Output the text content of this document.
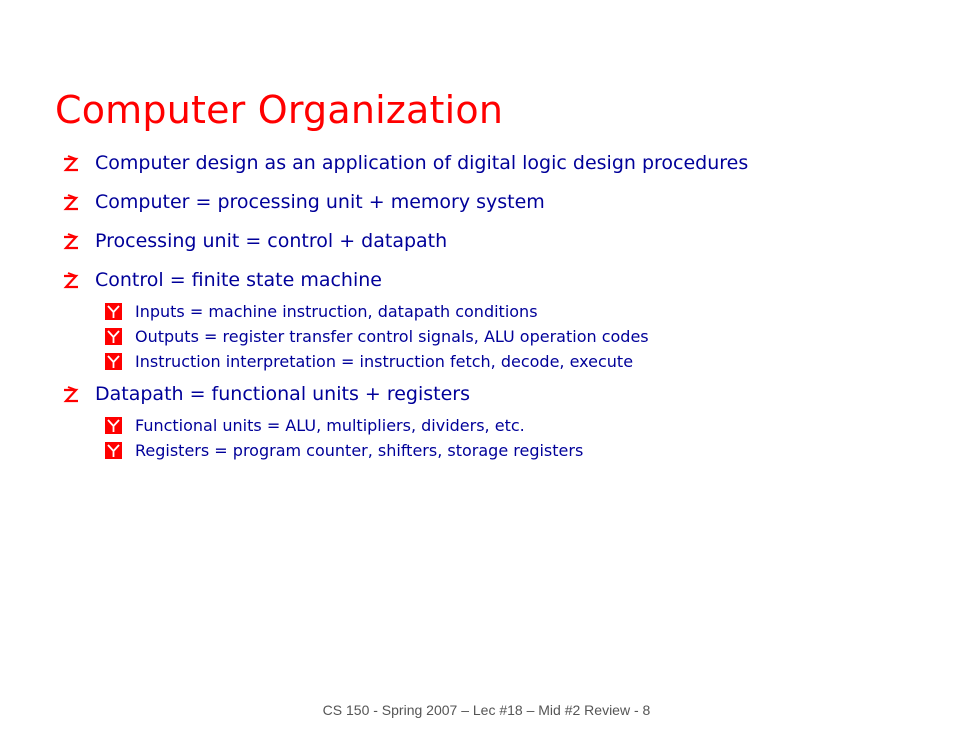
Computer Organization
Computer design as an application of digital logic design procedures
Computer = processing unit + memory system
Processing unit = control + datapath
Control = finite state machine
Inputs = machine instruction, datapath conditions
Outputs = register transfer control signals, ALU operation codes
Instruction interpretation = instruction fetch, decode, execute
Datapath = functional units + registers
Functional units = ALU, multipliers, dividers, etc.
Registers = program counter, shifters, storage registers
CS 150 - Spring 2007 – Lec #18 – Mid #2 Review - 8
